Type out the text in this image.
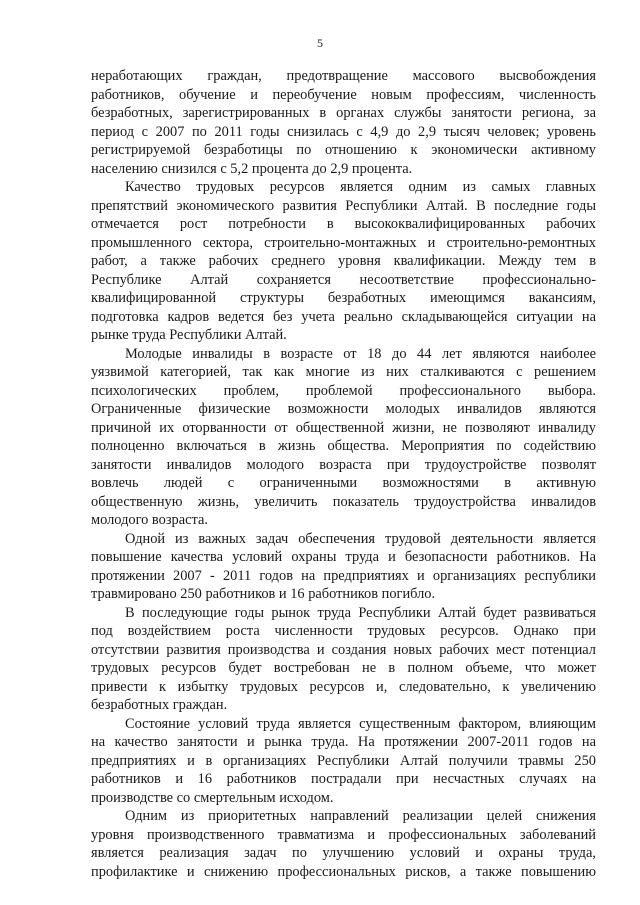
5
неработающих граждан, предотвращение массового высвобождения
работников, обучение и переобучение новым профессиям, численность
безработных, зарегистрированных в органах службы занятости региона, за
период с 2007 по 2011 годы снизилась с 4,9 до 2,9 тысяч человек; уровень
регистрируемой безработицы по отношению к экономически активному
населению снизился с 5,2 процента до 2,9 процента.
Качество трудовых ресурсов является одним из самых главных
препятствий экономического развития Республики Алтай. В последние годы
отмечается рост потребности в высококвалифицированных рабочих
промышленного сектора, строительно-монтажных и строительно-ремонтных
работ, а также рабочих среднего уровня квалификации. Между тем в
Республике Алтай сохраняется несоответствие профессионально-
квалифицированной структуры безработных имеющимся вакансиям,
подготовка кадров ведется без учета реально складывающейся ситуации на
рынке труда Республики Алтай.
Молодые инвалиды в возрасте от 18 до 44 лет являются наиболее
уязвимой категорией, так как многие из них сталкиваются с решением
психологических проблем, проблемой профессионального выбора.
Ограниченные физические возможности молодых инвалидов являются
причиной их оторванности от общественной жизни, не позволяют инвалиду
полноценно включаться в жизнь общества. Мероприятия по содействию
занятости инвалидов молодого возраста при трудоустройстве позволят
вовлечь людей с ограниченными возможностями в активную
общественную жизнь, увеличить показатель трудоустройства инвалидов
молодого возраста.
Одной из важных задач обеспечения трудовой деятельности является
повышение качества условий охраны труда и безопасности работников. На
протяжении 2007 - 2011 годов на предприятиях и организациях республики
травмировано 250 работников и 16 работников погибло.
В последующие годы рынок труда Республики Алтай будет развиваться
под воздействием роста численности трудовых ресурсов. Однако при
отсутствии развития производства и создания новых рабочих мест потенциал
трудовых ресурсов будет востребован не в полном объеме, что может
привести к избытку трудовых ресурсов и, следовательно, к увеличению
безработных граждан.
Состояние условий труда является существенным фактором, влияющим
на качество занятости и рынка труда. На протяжении 2007-2011 годов на
предприятиях и в организациях Республики Алтай получили травмы 250
работников и 16 работников пострадали при несчастных случаях на
производстве со смертельным исходом.
Одним из приоритетных направлений реализации целей снижения
уровня производственного травматизма и профессиональных заболеваний
является реализация задач по улучшению условий и охраны труда,
профилактике и снижению профессиональных рисков, а также повышению
